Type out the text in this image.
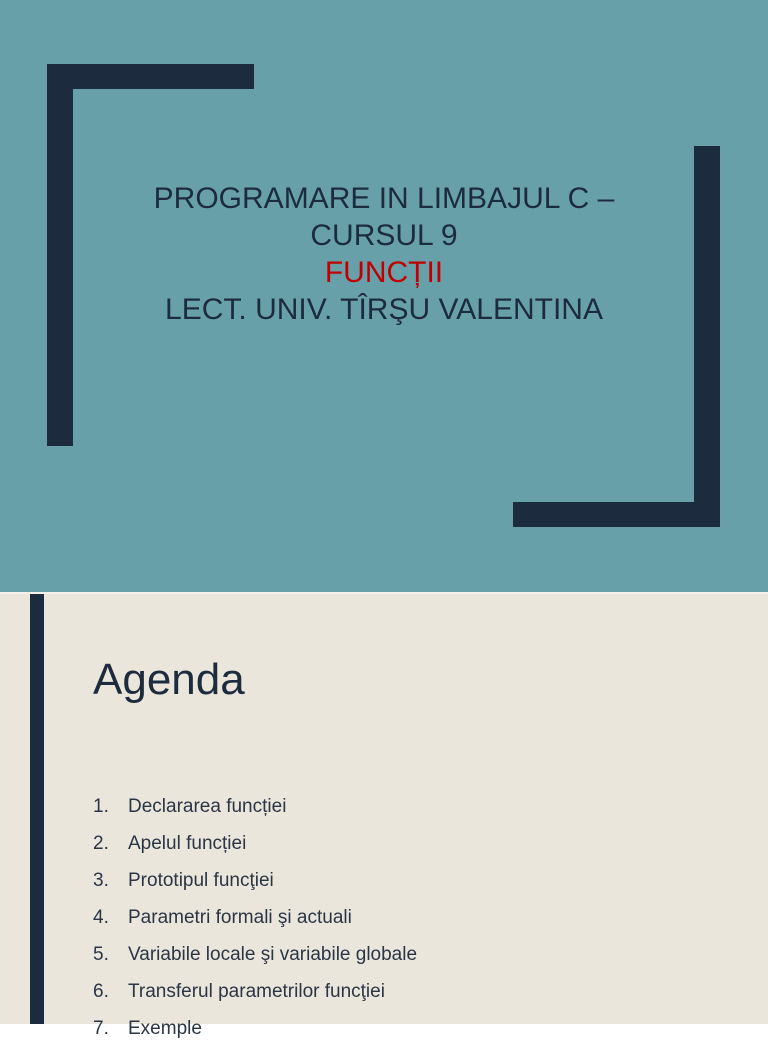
PROGRAMARE IN LIMBAJUL C –
CURSUL 9
FUNCȚII
LECT. UNIV. TÎRŞU VALENTINA
Agenda
1. Declararea funcției
2. Apelul funcției
3. Prototipul funcţiei
4. Parametri formali şi actuali
5. Variabile locale şi variabile globale
6. Transferul parametrilor funcţiei
7. Exemple
